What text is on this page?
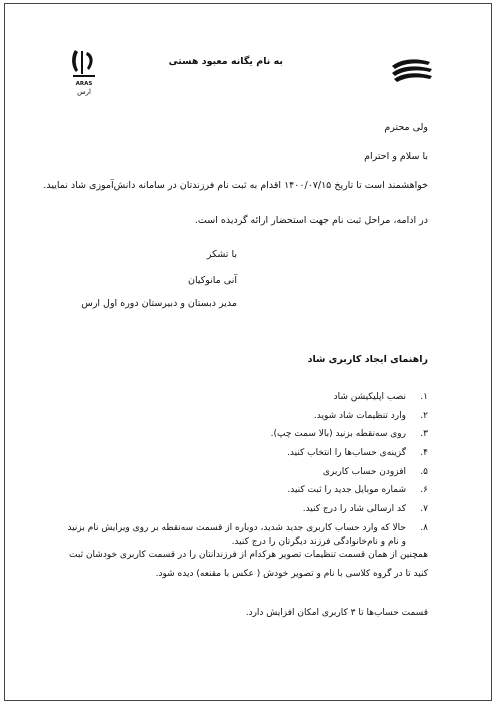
ARAS
ارس
به نام یگانه معبود هستی
ولی محترم
با سلام و احترام
خواهشمند است تا تاریخ ۱۴۰۰/۰۷/۱۵ اقدام به ثبت نام فرزندتان در سامانه دانش‌آموزی شاد نمایید.
در ادامه، مراحل ثبت نام جهت استحضار ارائه گردیده است.
با تشکر
آنی مانوکیان
مدیر دبستان و دبیرستان دوره اول ارس
راهنمای ایجاد کاربری شاد
۱.
نصب اپلیکیشن شاد
۲.
وارد تنظیمات شاد شوید.
۳.
روی سه‌نقطه بزنید (بالا سمت چپ).
۴.
گزینه‌ی حساب‌ها را انتخاب کنید.
۵.
افزودن حساب کاربری
۶.
شماره موبایل جدید را ثبت کنید.
۷.
کد ارسالی شاد را درج کنید.
۸.
حالا که وارد حساب کاربری جدید شدید، دوباره از قسمت سه‌نقطه بر روی ویرایش نام بزنید
و نام و نام‌خانوادگی فرزند دیگرتان را درج کنید.
همچنین از همان قسمت تنظیمات تصویر هرکدام از فرزندانتان را در قسمت کاربری خودشان ثبت
کنید تا در گروه کلاسی با نام و تصویر خودش ( عکس با مقنعه) دیده شود.
قسمت حساب‌ها تا ۳ کاربری امکان افزایش دارد.
